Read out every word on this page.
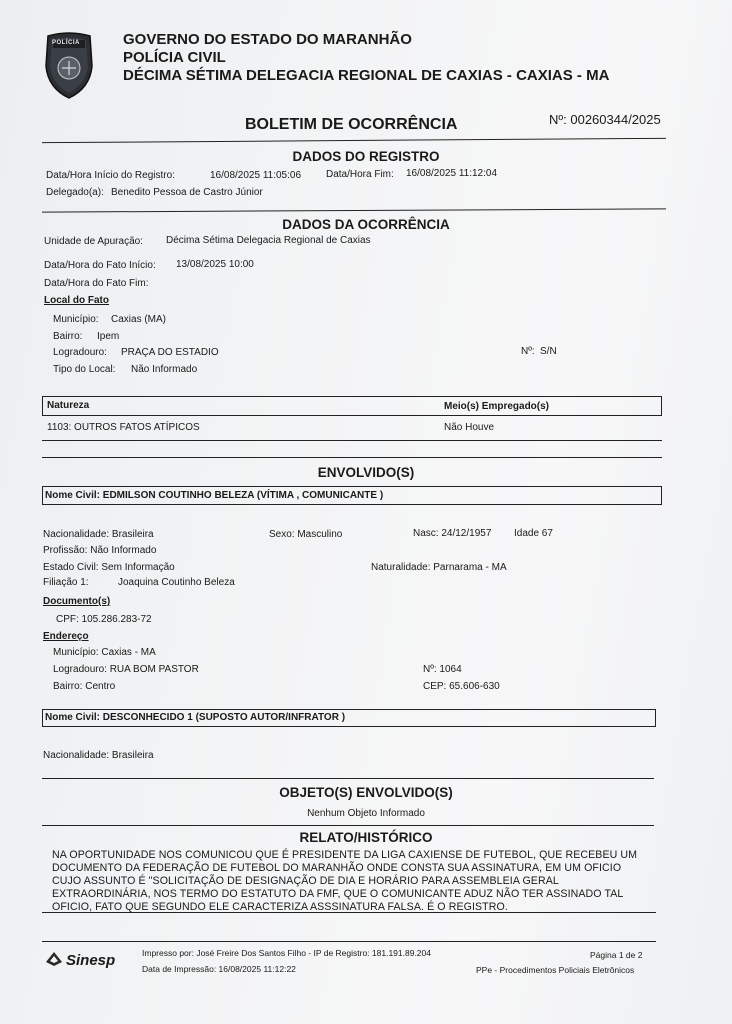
POLÍCIA	GOVERNO DO ESTADO DO MARANHÃO
POLÍCIA CIVIL
DÉCIMA SÉTIMA DELEGACIA REGIONAL DE CAXIAS - CAXIAS - MA
BOLETIM DE OCORRÊNCIA	Nº: 00260344/2025
DADOS DO REGISTRO
Data/Hora Início do Registro:	16/08/2025 11:05:06 Data/Hora Fim: 16/08/2025 11:12:04
Delegado(a): Benedito Pessoa de Castro Júnior
DADOS DA OCORRÊNCIA
Unidade de Apuração: Décima Sétima Delegacia Regional de Caxias
Data/Hora do Fato Início: 13/08/2025 10:00
Data/Hora do Fato Fim:
Local do Fato
Município: Caxias (MA)
Bairro: Ipem
Logradouro: PRAÇA DO ESTADIO	Nº: S/N
Tipo do Local: Não Informado
Natureza	Meio(s) Empregado(s)
1103: OUTROS FATOS ATÍPICOS	Não Houve
ENVOLVIDO(S)
Nome Civil: EDMILSON COUTINHO BELEZA (VÍTIMA , COMUNICANTE )
Nacionalidade: Brasileira	Sexo: Masculino	Nasc: 24/12/1957 Idade 67
Profissão: Não Informado
Estado Civil: Sem Informação	Naturalidade: Parnarama - MA
Filiação 1:	Joaquina Coutinho Beleza
Documento(s)
CPF: 105.286.283-72
Endereço
Município: Caxias - MA
Logradouro: RUA BOM PASTOR	Nº: 1064
Bairro: Centro	CEP: 65.606-630
Nome Civil: DESCONHECIDO 1 (SUPOSTO AUTOR/INFRATOR )
Nacionalidade: Brasileira
OBJETO(S) ENVOLVIDO(S)
Nenhum Objeto Informado
RELATO/HISTÓRICO
NA OPORTUNIDADE NOS COMUNICOU QUE É PRESIDENTE DA LIGA CAXIENSE DE FUTEBOL, QUE RECEBEU UM
DOCUMENTO DA FEDERAÇÃO DE FUTEBOL DO MARANHÃO ONDE CONSTA SUA ASSINATURA, EM UM OFICIO
CUJO ASSUNTO É "SOLICITAÇÃO DE DESIGNAÇÃO DE DIA E HORÁRIO PARA ASSEMBLEIA GERAL
EXTRAORDINÁRIA, NOS TERMO DO ESTATUTO DA FMF, QUE O COMUNICANTE ADUZ NÃO TER ASSINADO TAL
OFICIO, FATO QUE SEGUNDO ELE CARACTERIZA ASSSINATURA FALSA. É O REGISTRO.
Sinesp	Impresso por: José Freire Dos Santos Filho - IP de Registro: 181.191.89.204
Data de Impressão: 16/08/2025 11:12:22
Página 1 de 2
PPe - Procedimentos Policiais Eletrônicos
